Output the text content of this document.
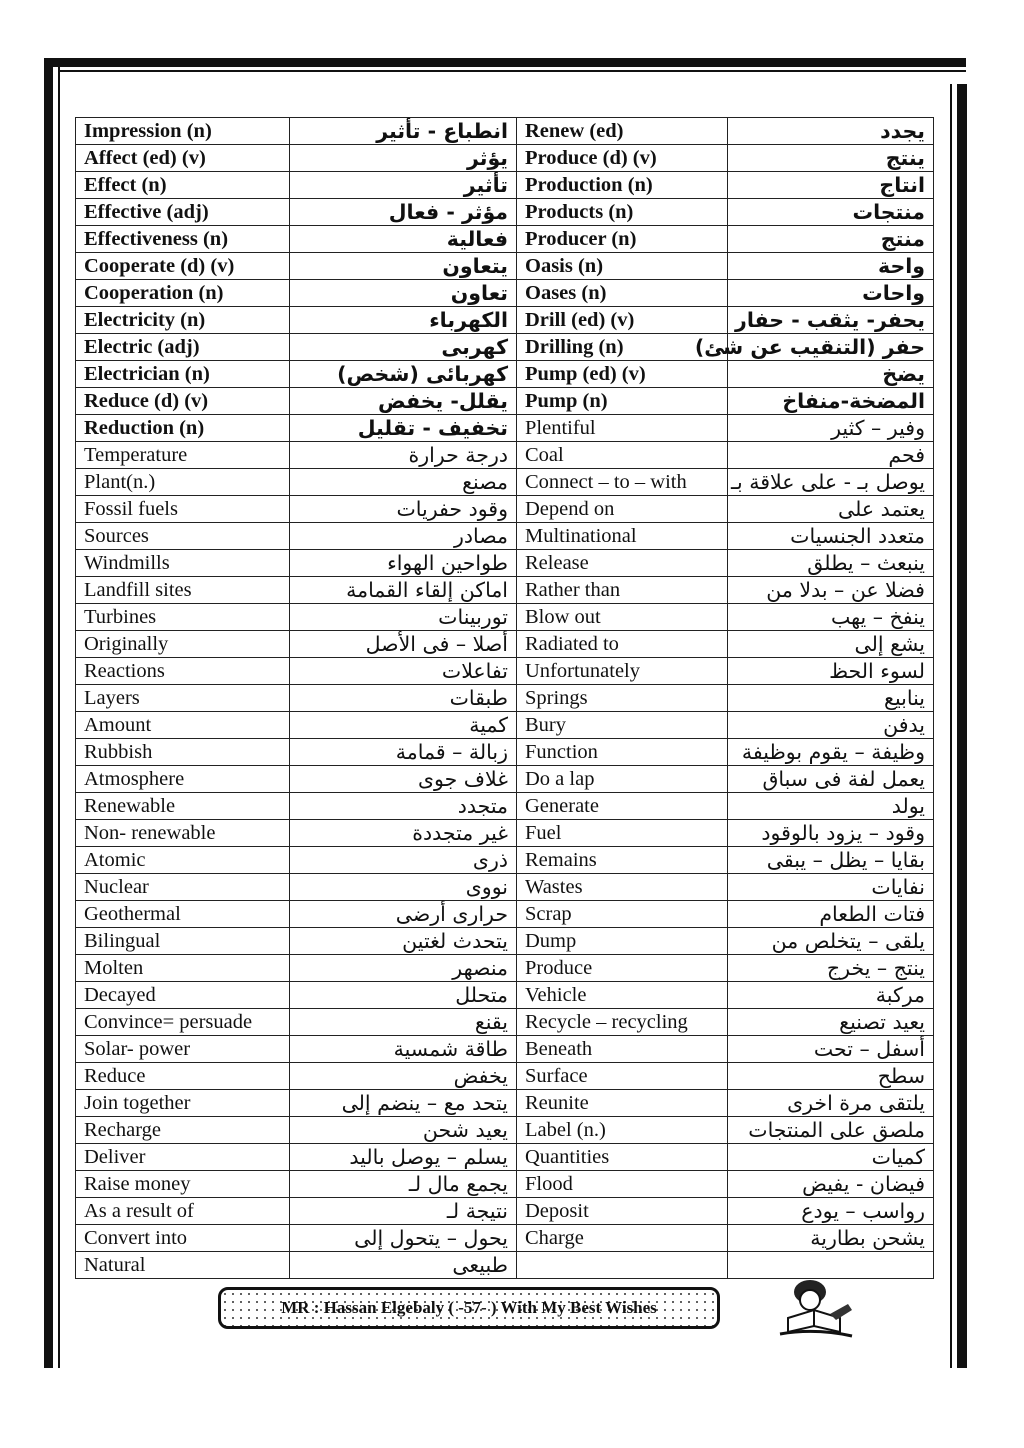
Impression (n)	انطباع - تأثير	Renew (ed)	يجدد
Affect (ed) (v)	يؤثر	Produce (d) (v)	ينتج
Effect (n)	تأثير	Production (n)	انتاج
Effective (adj)	مؤثر - فعال	Products (n)	منتجات
Effectiveness (n)	فعالية	Producer (n)	منتج
Cooperate (d) (v)	يتعاون	Oasis (n)	واحة
Cooperation (n)	تعاون	Oases (n)	واحات
Electricity (n)	الكهرباء	Drill (ed) (v)	يحفر- يثقب - حفار
Electric (adj)	كهربى	Drilling (n)	حفر (التنقيب عن شئ)
Electrician (n)	كهربائى (شخص)	Pump (ed) (v)	يضخ
Reduce (d) (v)	يقلل- يخفض	Pump (n)	المضخة-منفاخ
Reduction (n)	تخفيف - تقليل	Plentiful	وفير – كثير
Temperature	درجة حرارة	Coal	فحم
Plant(n.)	مصنع	Connect – to – with	يوصل بـ - على علاقة بـ
Fossil fuels	وقود حفريات	Depend on	يعتمد على
Sources	مصادر	Multinational	متعدد الجنسيات
Windmills	طواحين الهواء	Release	ينبعث – يطلق
Landfill sites	اماكن إلقاء القمامة	Rather than	فضلا عن – بدلا من
Turbines	توربينات	Blow out	ينفخ – يهب
Originally	أصلا – فى الأصل	Radiated to	يشع إلى
Reactions	تفاعلات	Unfortunately	لسوء الحظ
Layers	طبقات	Springs	ينابيع
Amount	كمية	Bury	يدفن
Rubbish	زبالة – قمامة	Function	وظيفة – يقوم بوظيفة
Atmosphere	غلاف جوى	Do a lap	يعمل لفة فى سباق
Renewable	متجدد	Generate	يولد
Non- renewable	غير متجددة	Fuel	وقود – يزود بالوقود
Atomic	ذرى	Remains	بقايا – يظل – يبقى
Nuclear	نووى	Wastes	نفايات
Geothermal	حرارى أرضى	Scrap	فتات الطعام
Bilingual	يتحدث لغتين	Dump	يلقى – يتخلص من
Molten	منصهر	Produce	ينتج – يخرج
Decayed	متحلل	Vehicle	مركبة
Convince= persuade	يقنع	Recycle – recycling	يعيد تصنيع
Solar- power	طاقة شمسية	Beneath	أسفل – تحت
Reduce	يخفض	Surface	سطح
Join together	يتحد مع – ينضم إلى	Reunite	يلتقى مرة اخرى
Recharge	يعيد شحن	Label (n.)	ملصق على المنتجات
Deliver	يسلم – يوصل باليد	Quantities	كميات
Raise money	يجمع مال لـ	Flood	فيضان - يفيض
As a result of	نتيجة لـ	Deposit	رواسب – يودع
Convert into	يحول – يتحول إلى	Charge	يشحن بطارية
Natural	طبيعى		
MR : Hassan Elgebaly ( -57- ) With My Best Wishes
